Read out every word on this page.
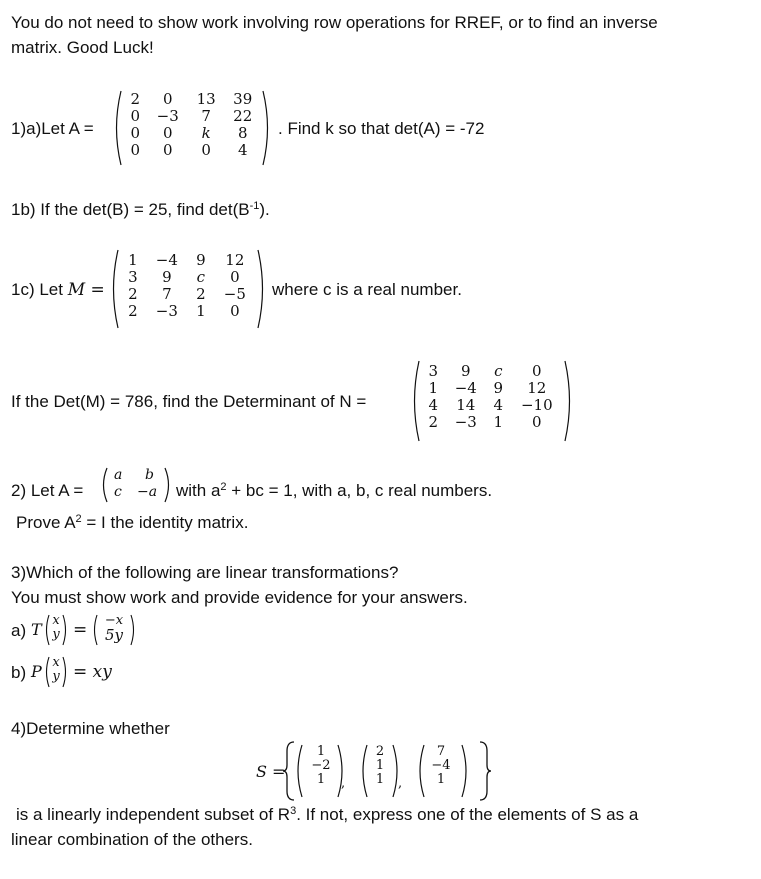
You do not need to show work involving row operations for RREF, or to find an inverse
matrix. Good Luck!
1)a)Let A =
2	0	13	39
0	−3	7	22
0	0	k	8
0	0	0	4
. Find k so that det(A) = -72
1b) If the det(B) = 25, find $\det(B^{-1})$.
1c) Let M =
1	−4	9	12
3	9	c	0
2	7	2	−5
2	−3	1	0
where c is a real number.
If the Det(M) = 786, find the Determinant of N =
3	9	c	0
1	−4	9	12
4	14	4	−10
2	−3	1	0
2) Let A =
a b
c −a with $a^2$ + bc = 1, with a, b, c real numbers.
Prove $A^2 = I$ the identity matrix.
3)Which of the following are linear transformations?
You must show work and provide evidence for your answers.
a) T x
y =	−x
5y
b) P x
y = xy
4)Determine whether
S =
1
−2
1	,
2
1
1	,
7
−4
1
is a linearly independent subset of $R^3$. If not, express one of the elements of S as a
linear combination of the others.
